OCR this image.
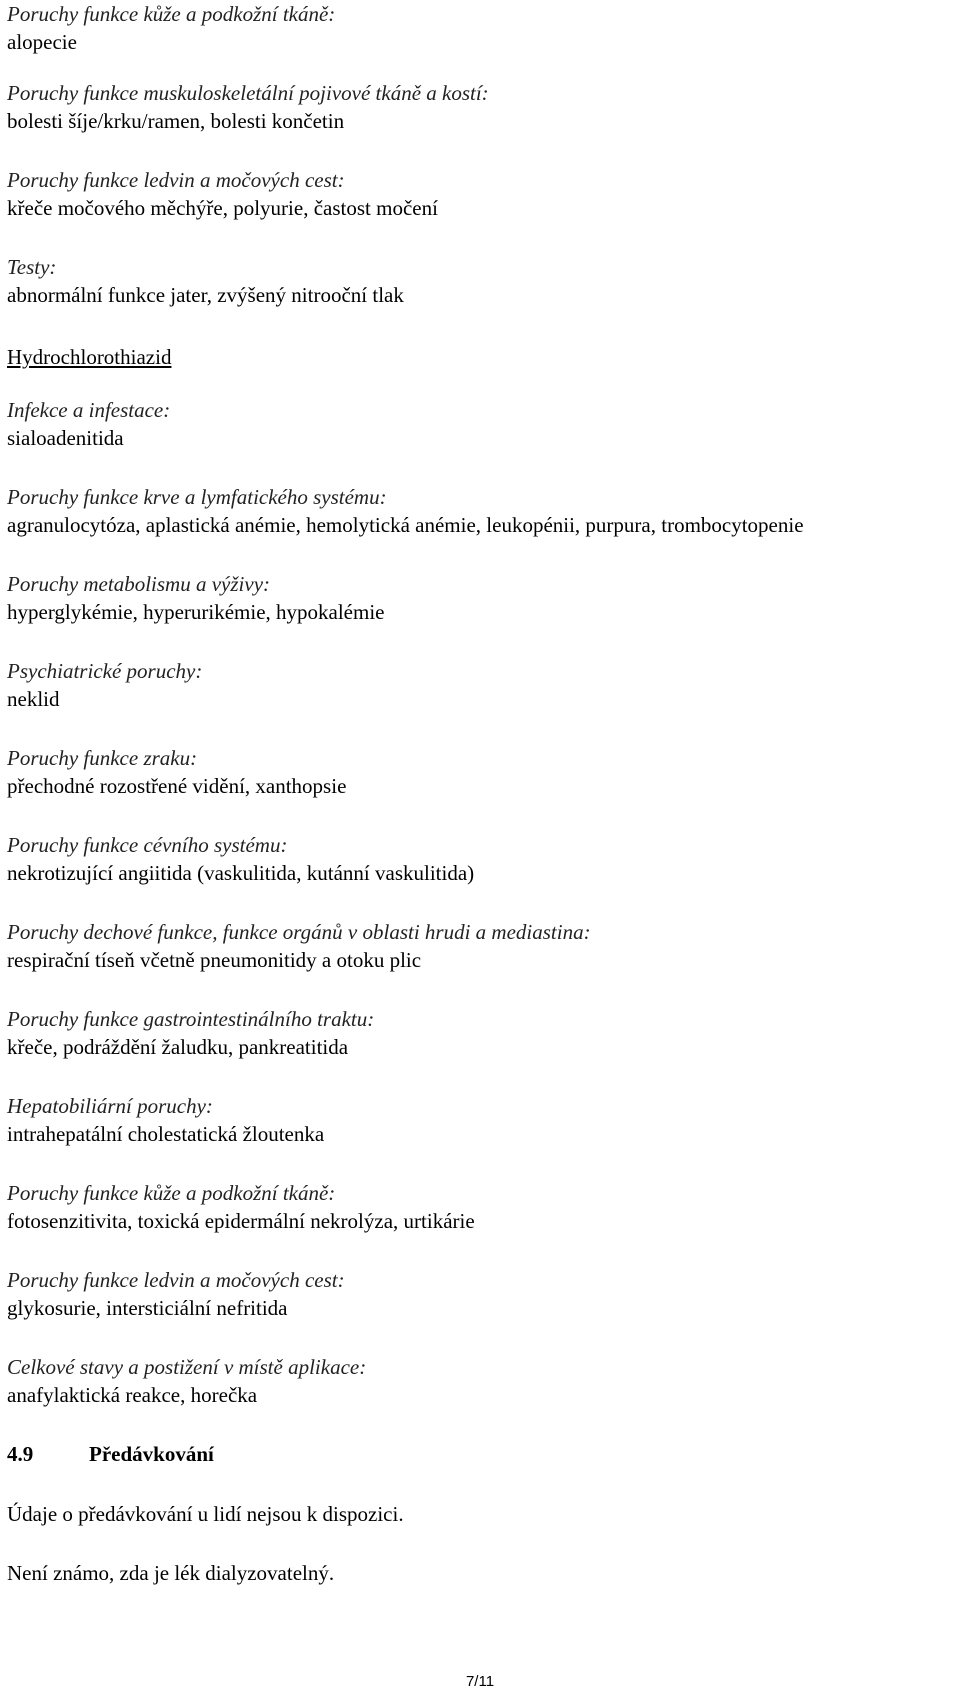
Poruchy funkce kůže a podkožní tkáně:
alopecie
Poruchy funkce muskuloskeletální pojivové tkáně a kostí:
bolesti šíje/krku/ramen, bolesti končetin
Poruchy funkce ledvin a močových cest:
křeče močového měchýře, polyurie, častost močení
Testy:
abnormální funkce jater, zvýšený nitrooční tlak
Hydrochlorothiazid
Infekce a infestace:
sialoadenitida
Poruchy funkce krve a lymfatického systému:
agranulocytóza, aplastická anémie, hemolytická anémie, leukopénii, purpura, trombocytopenie
Poruchy metabolismu a výživy:
hyperglykémie, hyperurikémie, hypokalémie
Psychiatrické poruchy:
neklid
Poruchy funkce zraku:
přechodné rozostřené vidění, xanthopsie
Poruchy funkce cévního systému:
nekrotizující angiitida (vaskulitida, kutánní vaskulitida)
Poruchy dechové funkce, funkce orgánů v oblasti hrudi a mediastina:
respirační tíseň včetně pneumonitidy a otoku plic
Poruchy funkce gastrointestinálního traktu:
křeče, podráždění žaludku, pankreatitida
Hepatobiliární poruchy:
intrahepatální cholestatická žloutenka
Poruchy funkce kůže a podkožní tkáně:
fotosenzitivita, toxická epidermální nekrolýza, urtikárie
Poruchy funkce ledvin a močových cest:
glykosurie, intersticiální nefritida
Celkové stavy a postižení v místě aplikace:
anafylaktická reakce, horečka
4.9	Předávkování
Údaje o předávkování u lidí nejsou k dispozici.
Není známo, zda je lék dialyzovatelný.
7/11
